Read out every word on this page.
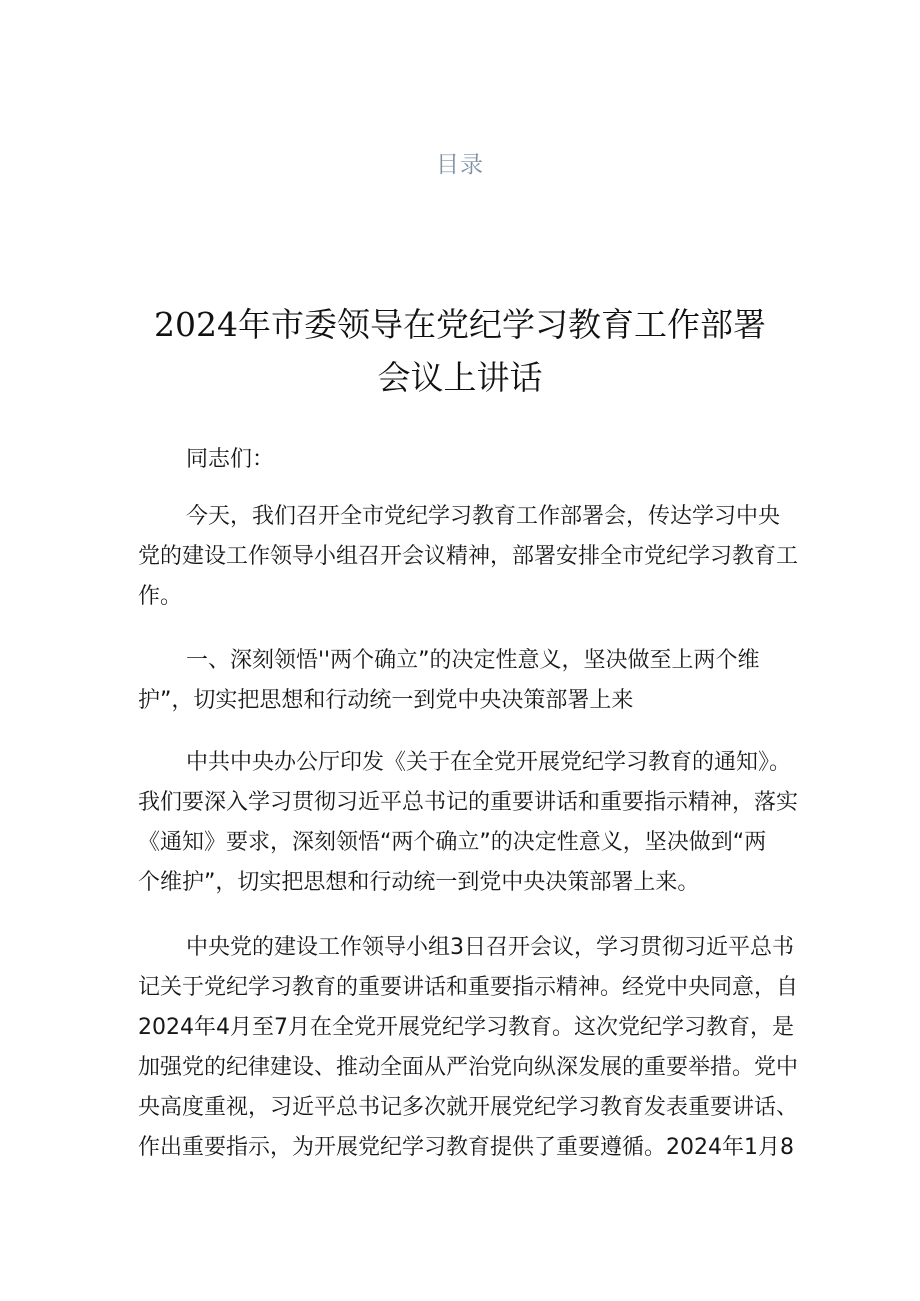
目录
2024年市委领导在党纪学习教育工作部署
会议上讲话
同志们：
今天，我们召开全市党纪学习教育工作部署会，传达学习中央
党的建设工作领导小组召开会议精神，部署安排全市党纪学习教育工
作。
一、深刻领悟''两个确立”的决定性意义，坚决做至上两个维
护”，切实把思想和行动统一到党中央决策部署上来
中共中央办公厅印发《关于在全党开展党纪学习教育的通知》。
我们要深入学习贯彻习近平总书记的重要讲话和重要指示精神，落实
《通知》要求，深刻领悟“两个确立”的决定性意义，坚决做到“两
个维护”，切实把思想和行动统一到党中央决策部署上来。
中央党的建设工作领导小组3日召开会议，学习贯彻习近平总书
记关于党纪学习教育的重要讲话和重要指示精神。经党中央同意，自
2024年4月至7月在全党开展党纪学习教育。这次党纪学习教育，是
加强党的纪律建设、推动全面从严治党向纵深发展的重要举措。党中
央高度重视，习近平总书记多次就开展党纪学习教育发表重要讲话、
作出重要指示，为开展党纪学习教育提供了重要遵循。2024年1月8
